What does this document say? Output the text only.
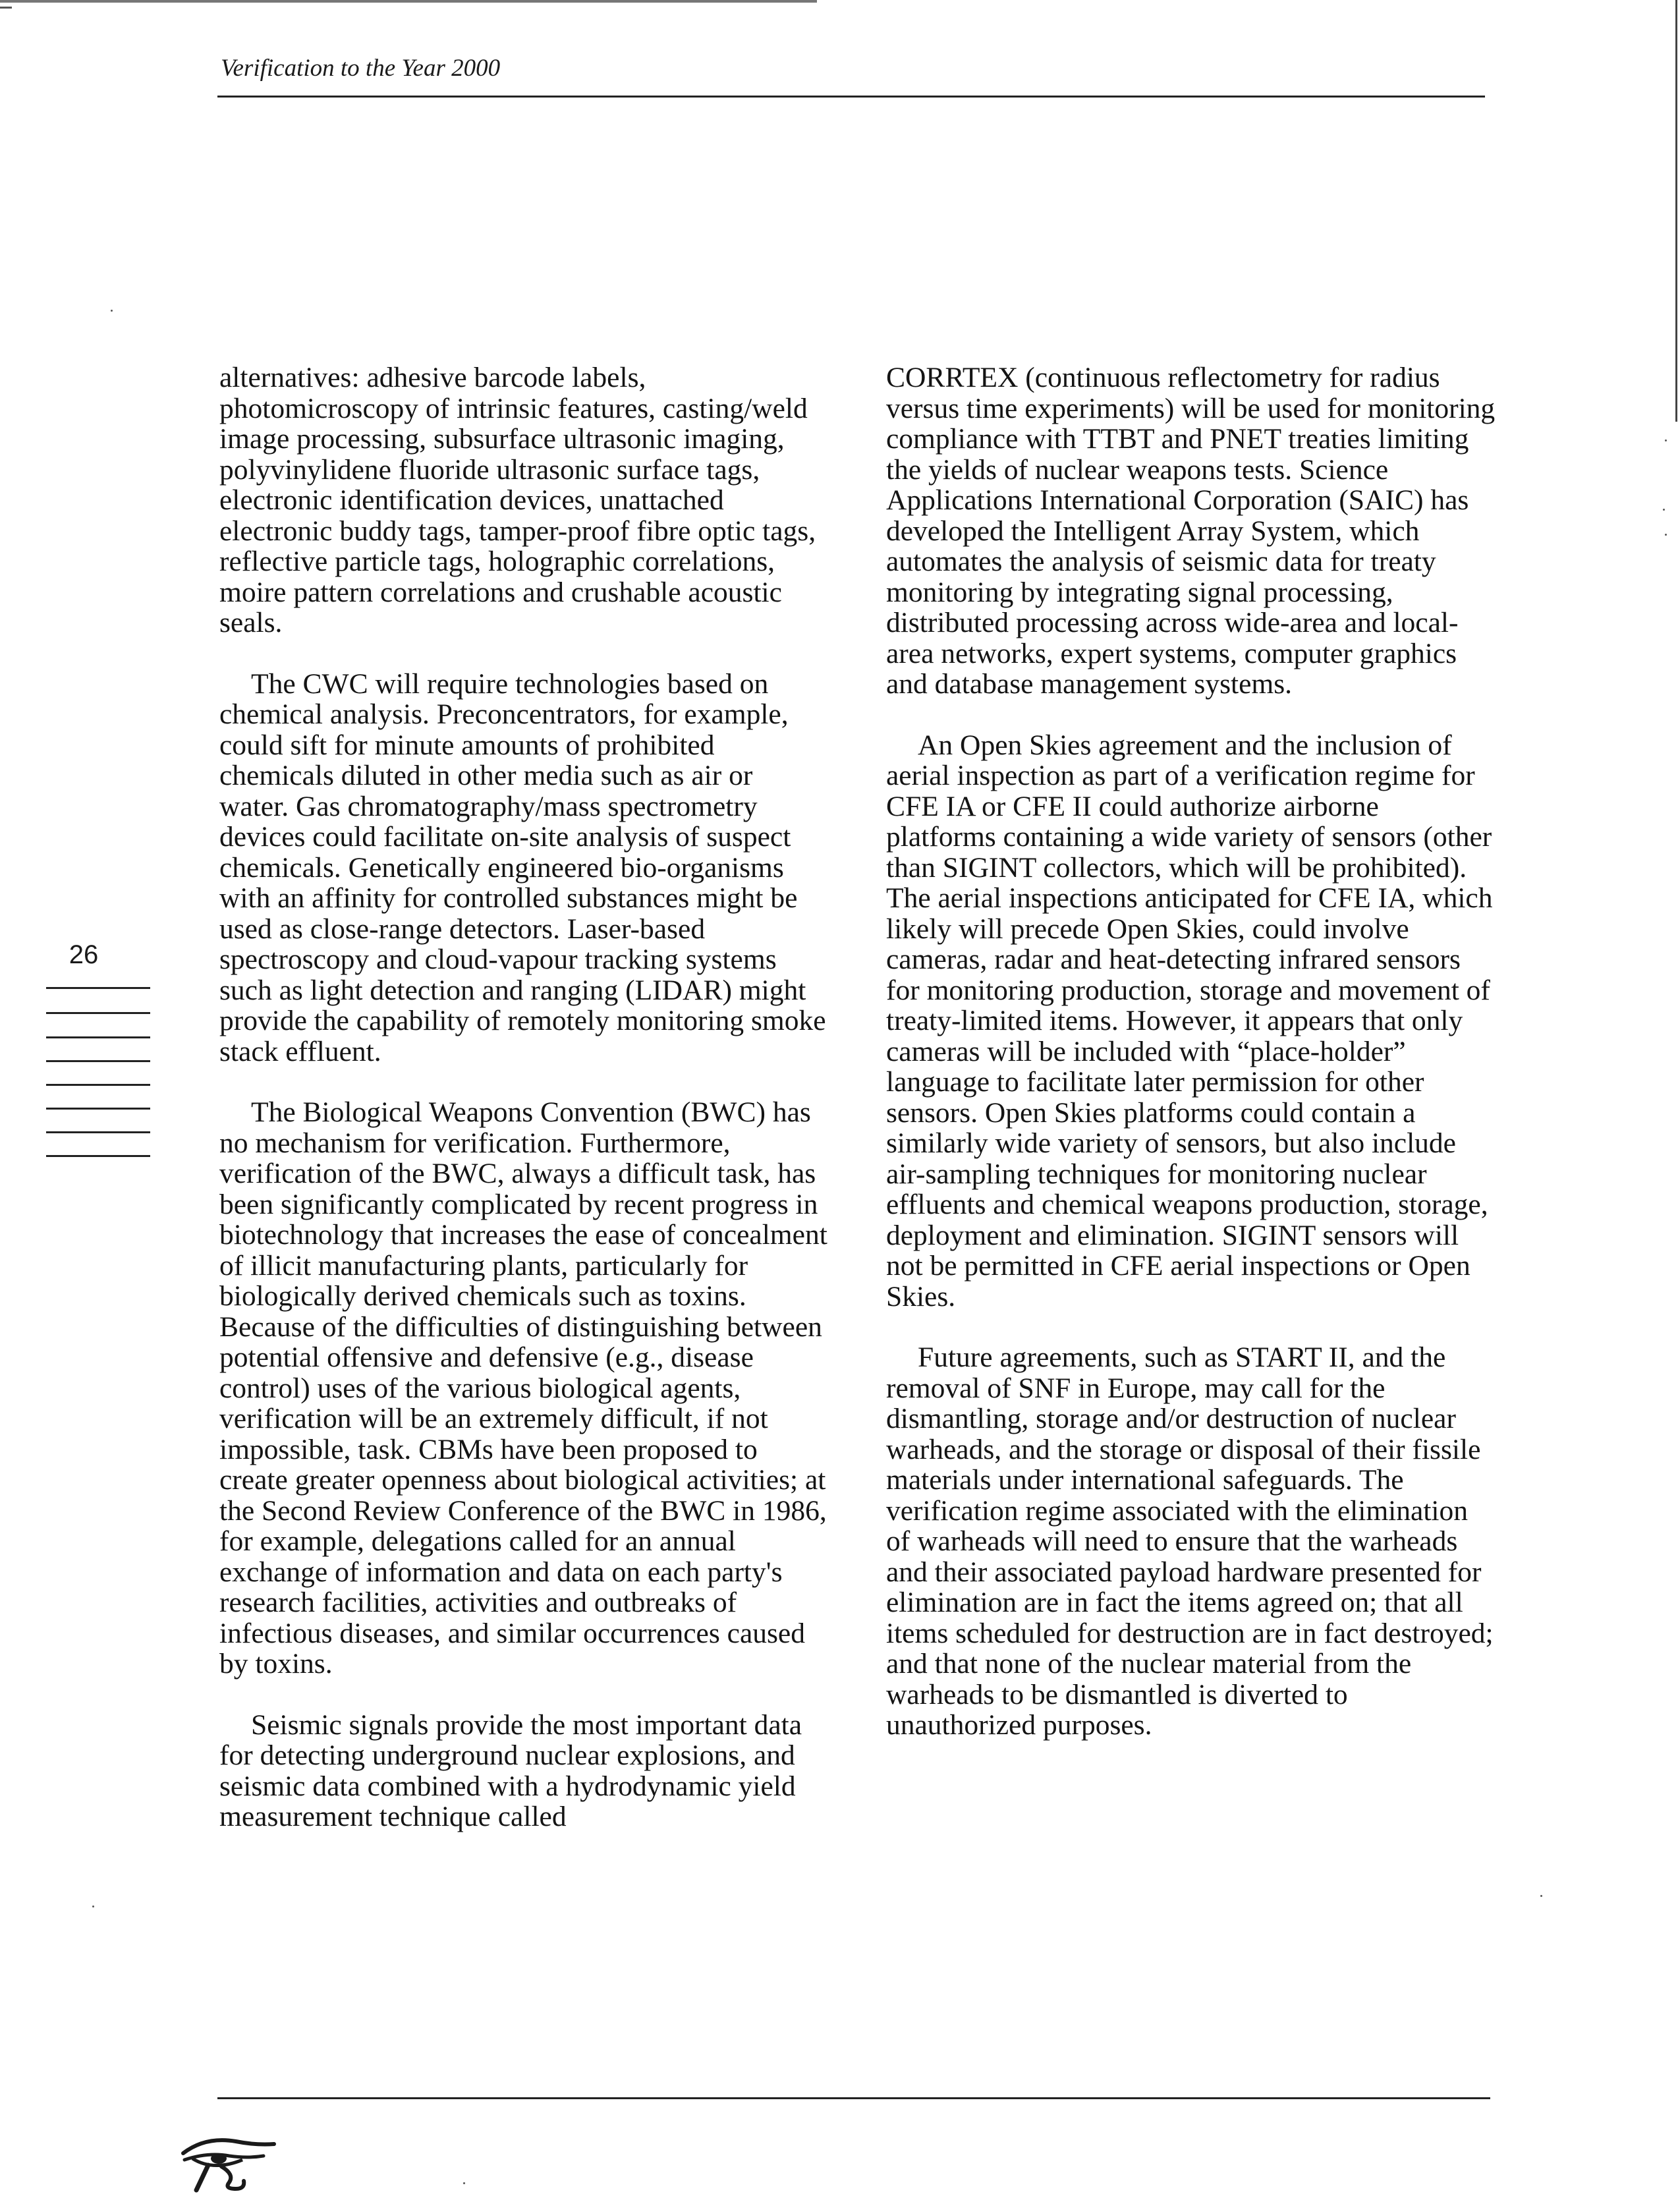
Verification to the Year 2000
26

alternatives: adhesive barcode labels, photomicroscopy of intrinsic features, casting/weld image processing, subsurface ultrasonic imaging, polyvinylidene fluoride ultrasonic surface tags, electronic identification devices, unattached electronic buddy tags, tamper-proof fibre optic tags, reflective particle tags, holographic correlations, moire pattern correlations and crushable acoustic seals.

The CWC will require technologies based on chemical analysis. Preconcentrators, for example, could sift for minute amounts of prohibited chemicals diluted in other media such as air or water. Gas chromatography/mass spectrometry devices could facilitate on-site analysis of suspect chemicals. Genetically engineered bio-organisms with an affinity for controlled substances might be used as close-range detectors. Laser-based spectroscopy and cloud-vapour tracking systems such as light detection and ranging (LIDAR) might provide the capability of remotely monitoring smoke stack effluent.

The Biological Weapons Convention (BWC) has no mechanism for verification. Furthermore, verification of the BWC, always a difficult task, has been significantly complicated by recent progress in biotechnology that increases the ease of concealment of illicit manufacturing plants, particularly for biologically derived chemicals such as toxins. Because of the difficulties of distinguishing between potential offensive and defensive (e.g., disease control) uses of the various biological agents, verification will be an extremely difficult, if not impossible, task. CBMs have been proposed to create greater openness about biological activities; at the Second Review Conference of the BWC in 1986, for example, delegations called for an annual exchange of information and data on each party's research facilities, activities and outbreaks of infectious diseases, and similar occurrences caused by toxins.

Seismic signals provide the most important data for detecting underground nuclear explosions, and seismic data combined with a hydrodynamic yield measurement technique called

CORRTEX (continuous reflectometry for radius versus time experiments) will be used for monitoring compliance with TTBT and PNET treaties limiting the yields of nuclear weapons tests. Science Applications International Corporation (SAIC) has developed the Intelligent Array System, which automates the analysis of seismic data for treaty monitoring by integrating signal processing, distributed processing across wide-area and local-area networks, expert systems, computer graphics and database management systems.

An Open Skies agreement and the inclusion of aerial inspection as part of a verification regime for CFE IA or CFE II could authorize airborne platforms containing a wide variety of sensors (other than SIGINT collectors, which will be prohibited). The aerial inspections anticipated for CFE IA, which likely will precede Open Skies, could involve cameras, radar and heat-detecting infrared sensors for monitoring production, storage and movement of treaty-limited items. However, it appears that only cameras will be included with “place-holder” language to facilitate later permission for other sensors. Open Skies platforms could contain a similarly wide variety of sensors, but also include air-sampling techniques for monitoring nuclear effluents and chemical weapons production, storage, deployment and elimination. SIGINT sensors will not be permitted in CFE aerial inspections or Open Skies.

Future agreements, such as START II, and the removal of SNF in Europe, may call for the dismantling, storage and/or destruction of nuclear warheads, and the storage or disposal of their fissile materials under international safeguards. The verification regime associated with the elimination of warheads will need to ensure that the warheads and their associated payload hardware presented for elimination are in fact the items agreed on; that all items scheduled for destruction are in fact destroyed; and that none of the nuclear material from the warheads to be dismantled is diverted to unauthorized purposes.
